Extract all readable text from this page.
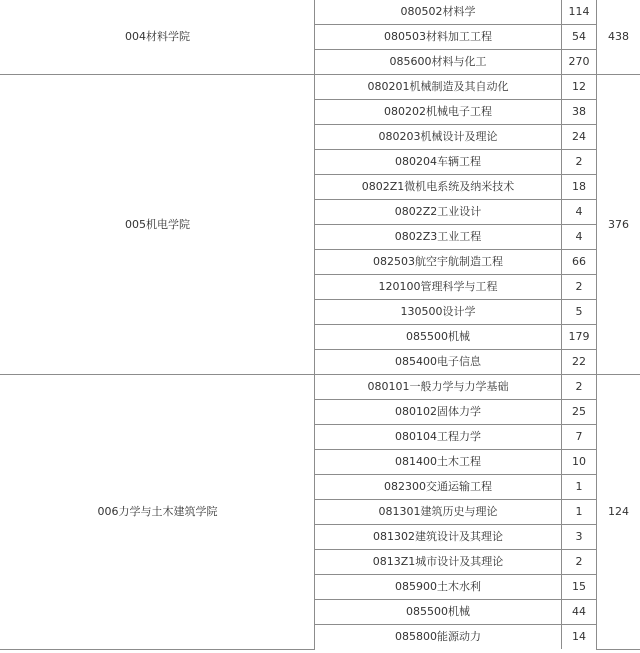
004材料学院	080502材料学	114	438
	080503材料加工工程	54	
	085600材料与化工	270	
005机电学院	080201机械制造及其自动化	12	376
	080202机械电子工程	38	
	080203机械设计及理论	24	
	080204车辆工程	2	
	0802Z1微机电系统及纳米技术	18	
	0802Z2工业设计	4	
	0802Z3工业工程	4	
	082503航空宇航制造工程	66	
	120100管理科学与工程	2	
	130500设计学	5	
	085500机械	179	
	085400电子信息	22	
006力学与土木建筑学院	080101一般力学与力学基础	2	124
	080102固体力学	25	
	080104工程力学	7	
	081400土木工程	10	
	082300交通运输工程	1	
	081301建筑历史与理论	1	
	081302建筑设计及其理论	3	
	0813Z1城市设计及其理论	2	
	085900土木水利	15	
	085500机械	44	
	085800能源动力	14	
